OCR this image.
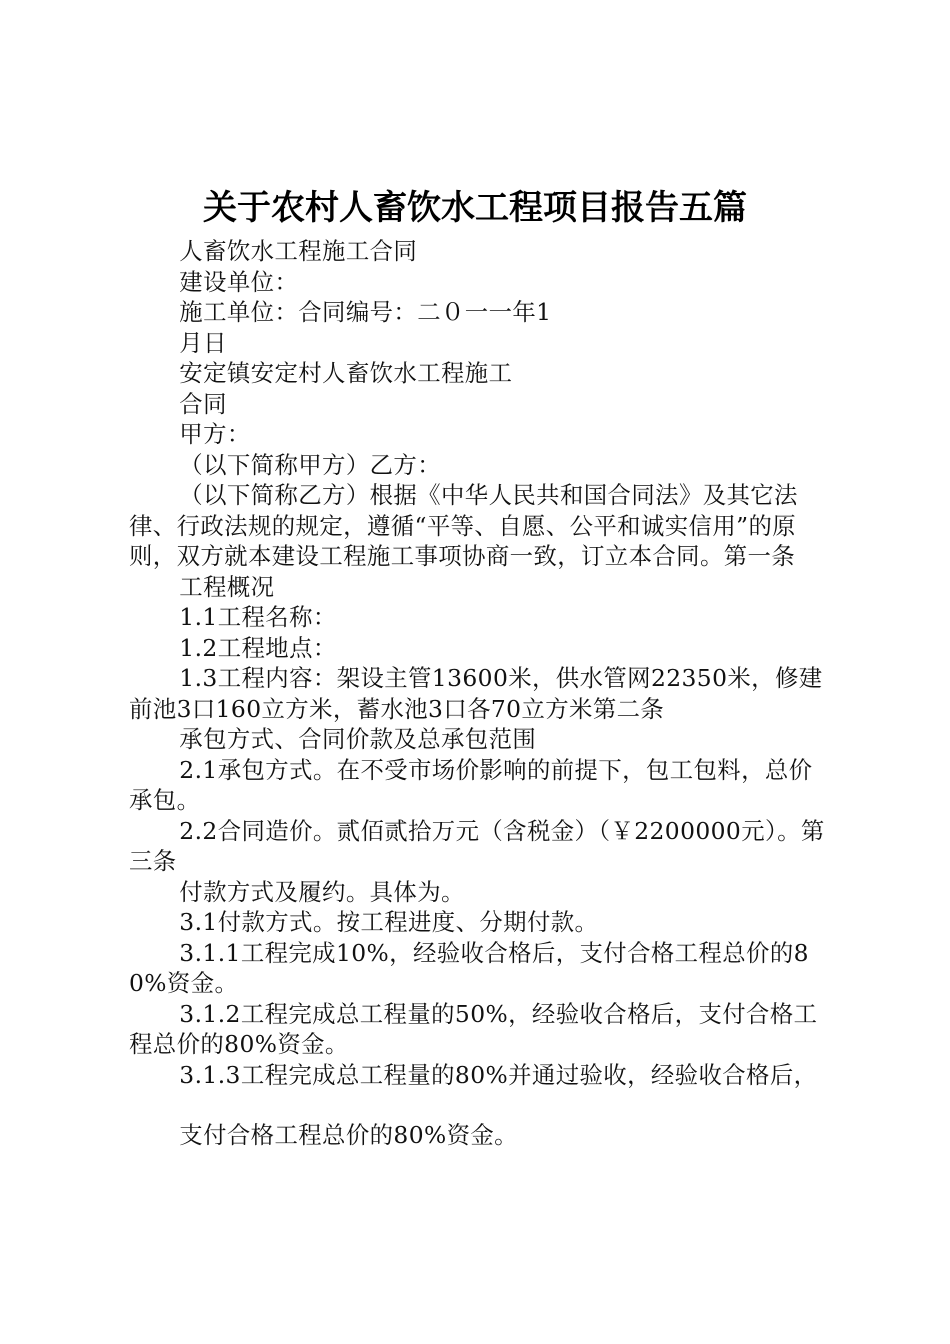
关于农村人畜饮水工程项目报告五篇

人畜饮水工程施工合同

建设单位：

施工单位：合同编号：二０一一年1

月日

安定镇安定村人畜饮水工程施工

合同

甲方：

（以下简称甲方）乙方：

（以下简称乙方）根据《中华人民共和国合同法》及其它法律、行政法规的规定，遵循“平等、自愿、公平和诚实信用”的原则，双方就本建设工程施工事项协商一致，订立本合同。第一条

工程概况

1.1工程名称：

1.2工程地点：

1.3工程内容：架设主管13600米，供水管网22350米，修建前池3口160立方米，蓄水池3口各70立方米第二条

承包方式、合同价款及总承包范围

2.1承包方式。在不受市场价影响的前提下，包工包料，总价承包。

2.2合同造价。贰佰贰拾万元（含税金）（￥2200000元）。第三条

付款方式及履约。具体为。

3.1付款方式。按工程进度、分期付款。

3.1.1工程完成10%，经验收合格后，支付合格工程总价的80%资金。

3.1.2工程完成总工程量的50%，经验收合格后，支付合格工程总价的80%资金。

3.1.3工程完成总工程量的80%并通过验收，经验收合格后，

支付合格工程总价的80%资金。
